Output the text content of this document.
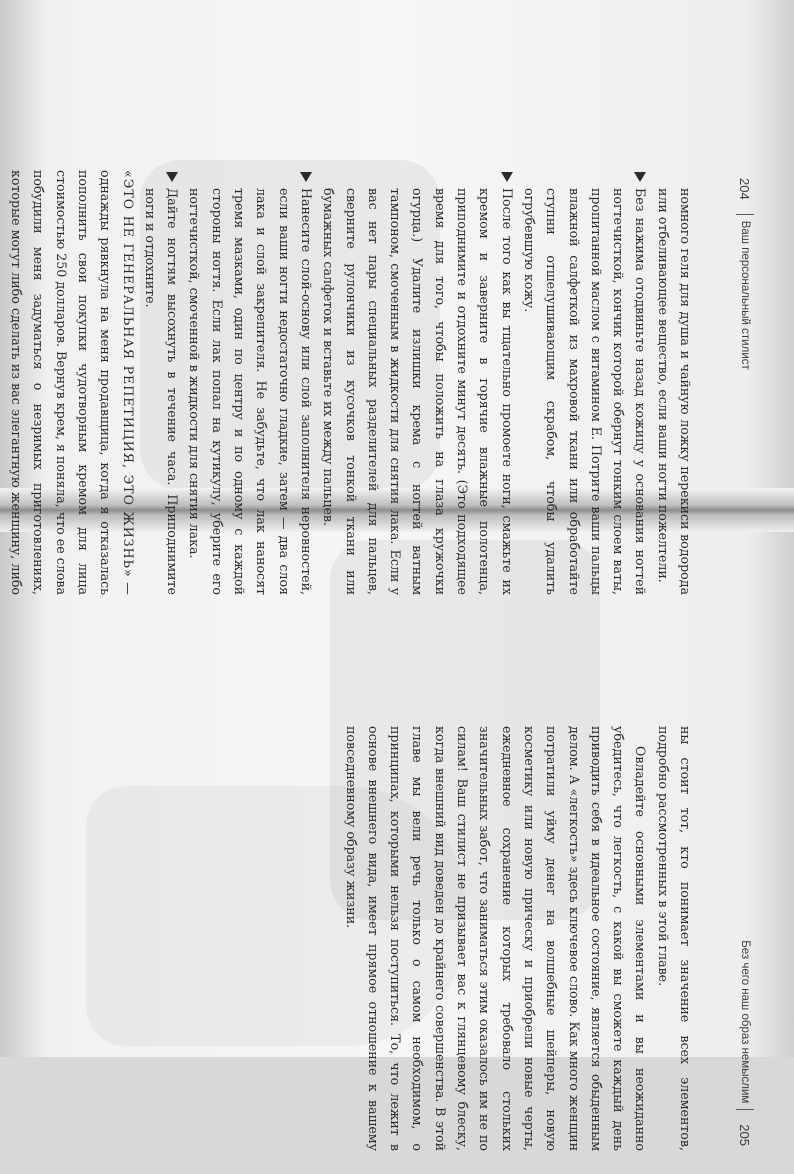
204
Ваш персональный стилист

номного геля для душа и чайную ложку перекиси водорода или отбеливающее вещество, если ваши ногти пожелтели.

Без нажима отодвиньте назад кожицу у основания ногтей ногтечисткой, кончик которой обернут тонким слоем ваты, пропитанной маслом с витамином Е. Потрите ваши пальцы влажной салфеткой из махровой ткани или обработайте ступни отшелушивающим скрабом, чтобы удалить огрубевшую кожу.

После того как вы тщательно промоете ноги, смажьте их кремом и заверните в горячие влажные полотенца, приподнимите и отдохните минут десять. (Это подходящее время для того, чтобы положить на глаза кружочки огурца.) Удалите излишки крема с ногтей ватным тампоном, смоченным в жидкости для снятия лака. Если у вас нет пары специальных разделителей для пальцев, сверните рулончики из кусочков тонкой ткани или бумажных салфеток и вставьте их между пальцев.

Нанесите слой-основу или слой заполнителя неровностей, если ваши ногти недостаточно гладкие, затем — два слоя лака и слой закрепителя. Не забудьте, что лак наносят тремя мазками, один по центру и по одному с каждой стороны ногтя. Если лак попал на кутикулу, уберите его ногтечисткой, смоченной в жидкости для снятия лака.

Дайте ногтям высохнуть в течение часа. Приподнимите ноги и отдохните.

«ЭТО НЕ ГЕНЕРАЛЬНАЯ РЕПЕТИЦИЯ, ЭТО ЖИЗНЬ» — однажды рявкнула на меня продавщица, когда я отказалась пополнить свои покупки чудотворным кремом для лица стоимостью 250 долларов. Вернув крем, я поняла, что ее слова побудили меня задуматься о незримых приготовлениях, которые могут либо сделать из вас элегантную женщину, либо

205
Без чего наш образ немыслим

ны стоит тот, кто понимает значение всех элементов, подробно рассмотренных в этой главе.

Овладейте основными элементами и вы неожиданно убедитесь, что легкость, с какой вы сможете каждый день приводить себя в идеальное состояние, является обыденным делом. А «легкость» здесь ключевое слово. Как много женщин потратили уйму денег на волшебные шейперы, новую косметику или новую прическу и приобрели новые черты, ежедневное сохранение которых требовало стольких значительных забот, что заниматься этим оказалось им не по силам! Ваш стилист не призывает вас к глянцевому блеску, когда внешний вид доведен до крайнего совершенства. В этой главе мы вели речь только о самом необходимом, о принципах, которыми нельзя поступиться. То, что лежит в основе внешнего вида, имеет прямое отношение к вашему повседневному образу жизни.
